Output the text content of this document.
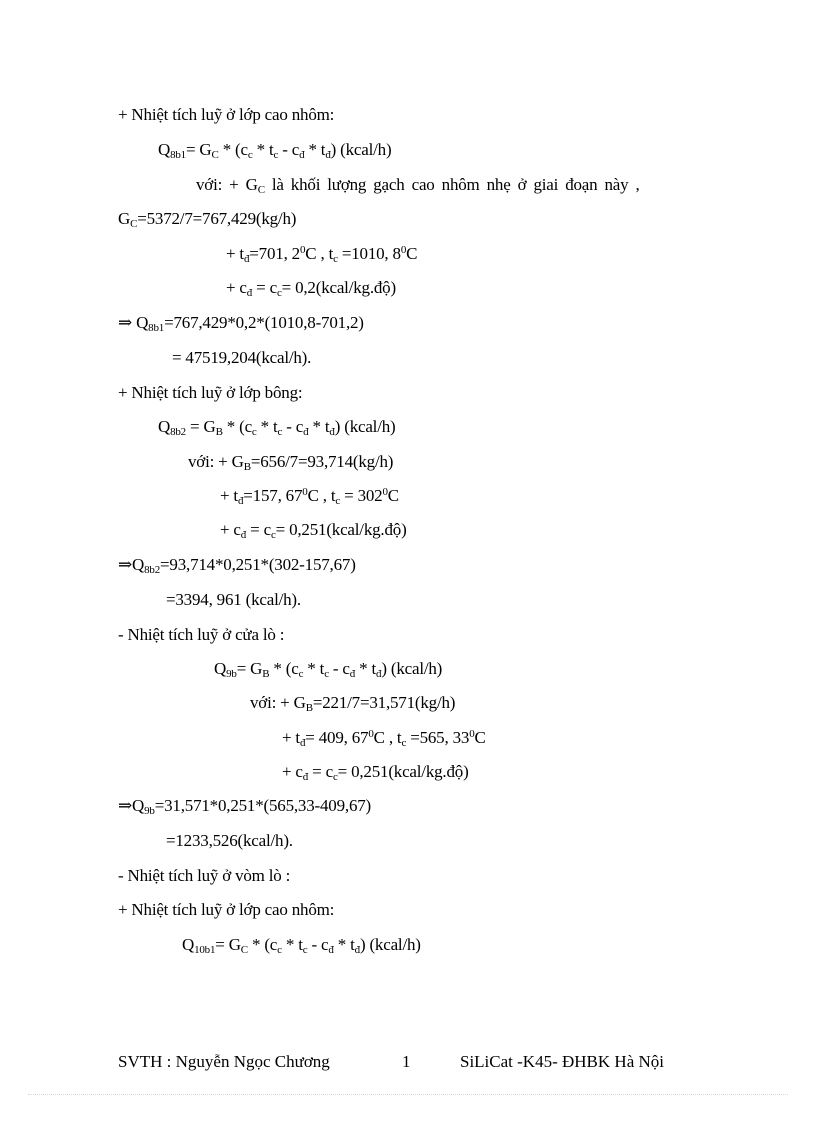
+ Nhiệt tích luỹ ở lớp cao nhôm:
$Q_{8b1}= G_C * (c_c * t_c - c_đ * t_đ)$ (kcal/h)
với: + $G_C$ là khối lượng gạch cao nhôm nhẹ ở giai đoạn này ,
$G_C=5372/7=767,429(kg/h)$
+ $t_đ=701$, $2^0C$ , $t_c =1010$, $8^0C$
+ $c_đ = c_c=$ 0,2(kcal/kg.độ)
⇒ $Q_{8b1}=767,429*0,2*(1010,8-701,2)$
= 47519,204(kcal/h).
+ Nhiệt tích luỹ ở lớp bông:
$Q_{8b2} = G_B * (c_c * t_c - c_đ * t_đ)$ (kcal/h)
với: + $G_B=656/7=93,714(kg/h)$
+ $t_đ=157$, $67^0C$ , $t_c = 302^0C$
+ $c_đ = c_c=$ 0,251(kcal/kg.độ)
$\Rightarrow Q_{8b2}=93,714*0,251*(302-157,67)$
=3394, 961 (kcal/h).
- Nhiệt tích luỹ ở cửa lò :
$Q_{9b}= G_B * (c_c * t_c - c_đ * t_đ)$ (kcal/h)
với: + $G_B=221/7=31,571(kg/h)$
+ $t_đ= 409$, $67^0C$ , $t_c =565$, $33^0C$
+ $c_đ = c_c=$ 0,251(kcal/kg.độ)
$\Rightarrow Q_{9b}=31,571*0,251*(565,33-409,67)$
=1233,526(kcal/h).
- Nhiệt tích luỹ ở vòm lò :
+ Nhiệt tích luỹ ở lớp cao nhôm:
$Q_{10b1}= G_C * (c_c * t_c - c_đ * t_đ)$ (kcal/h)
SVTH : Nguyễn Ngọc Chương	1	SiLiCat -K45- ĐHBK Hà Nội
